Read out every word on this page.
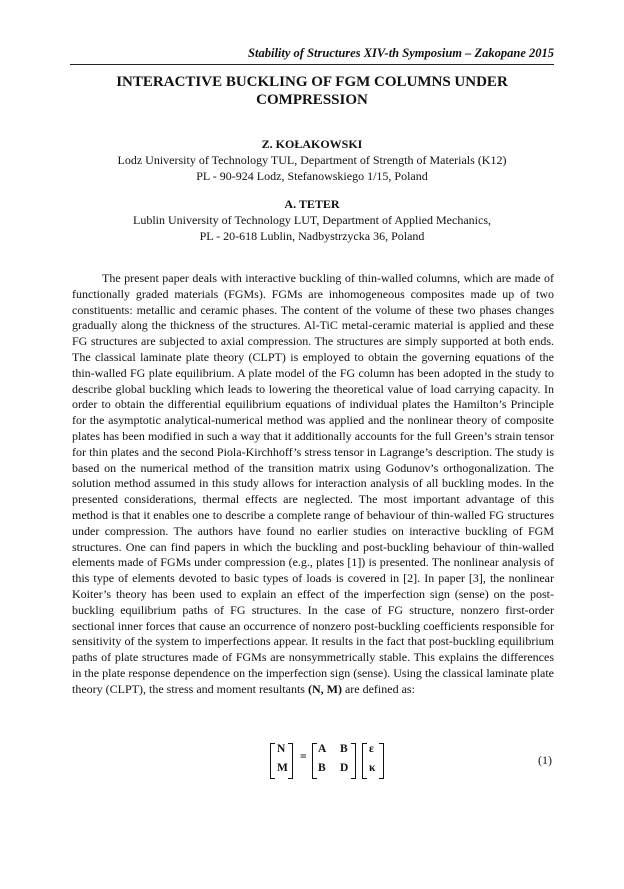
Stability of Structures XIV-th Symposium – Zakopane 2015
INTERACTIVE BUCKLING OF FGM COLUMNS UNDER COMPRESSION
Z. KOŁAKOWSKI
Lodz University of Technology TUL, Department of Strength of Materials (K12)
PL - 90-924 Lodz, Stefanowskiego 1/15, Poland
A. TETER
Lublin University of Technology LUT, Department of Applied Mechanics,
PL - 20-618 Lublin, Nadbystrzycka 36, Poland

The present paper deals with interactive buckling of thin-walled columns, which are made of functionally graded materials (FGMs). FGMs are inhomogeneous composites made up of two constituents: metallic and ceramic phases. The content of the volume of these two phases changes gradually along the thickness of the structures. Al-TiC metal-ceramic material is applied and these FG structures are subjected to axial compression. The structures are simply supported at both ends. The classical laminate plate theory (CLPT) is employed to obtain the governing equations of the thin-walled FG plate equilibrium. A plate model of the FG column has been adopted in the study to describe global buckling which leads to lowering the theoretical value of load carrying capacity. In order to obtain the differential equilibrium equations of individual plates the Hamilton’s Principle for the asymptotic analytical-numerical method was applied and the nonlinear theory of composite plates has been modified in such a way that it additionally accounts for the full Green’s strain tensor for thin plates and the second Piola-Kirchhoff’s stress tensor in Lagrange’s description. The study is based on the numerical method of the transition matrix using Godunov’s orthogonalization. The solution method assumed in this study allows for interaction analysis of all buckling modes. In the presented considerations, thermal effects are neglected. The most important advantage of this method is that it enables one to describe a complete range of behaviour of thin-walled FG structures under compression. The authors have found no earlier studies on interactive buckling of FGM structures. One can find papers in which the buckling and post-buckling behaviour of thin-walled elements made of FGMs under compression (e.g., plates [1]) is presented. The nonlinear analysis of this type of elements devoted to basic types of loads is covered in [2]. In paper [3], the nonlinear Koiter’s theory has been used to explain an effect of the imperfection sign (sense) on the post-buckling equilibrium paths of FG structures. In the case of FG structure, nonzero first-order sectional inner forces that cause an occurrence of nonzero post-buckling coefficients responsible for sensitivity of the system to imperfections appear. It results in the fact that post-buckling equilibrium paths of plate structures made of FGMs are nonsymmetrically stable. This explains the differences in the plate response dependence on the imperfection sign (sense). Using the classical laminate plate theory (CLPT), the stress and moment resultants (N, M) are defined as:

N
M
=
A B
B D
ε
κ
(1)
